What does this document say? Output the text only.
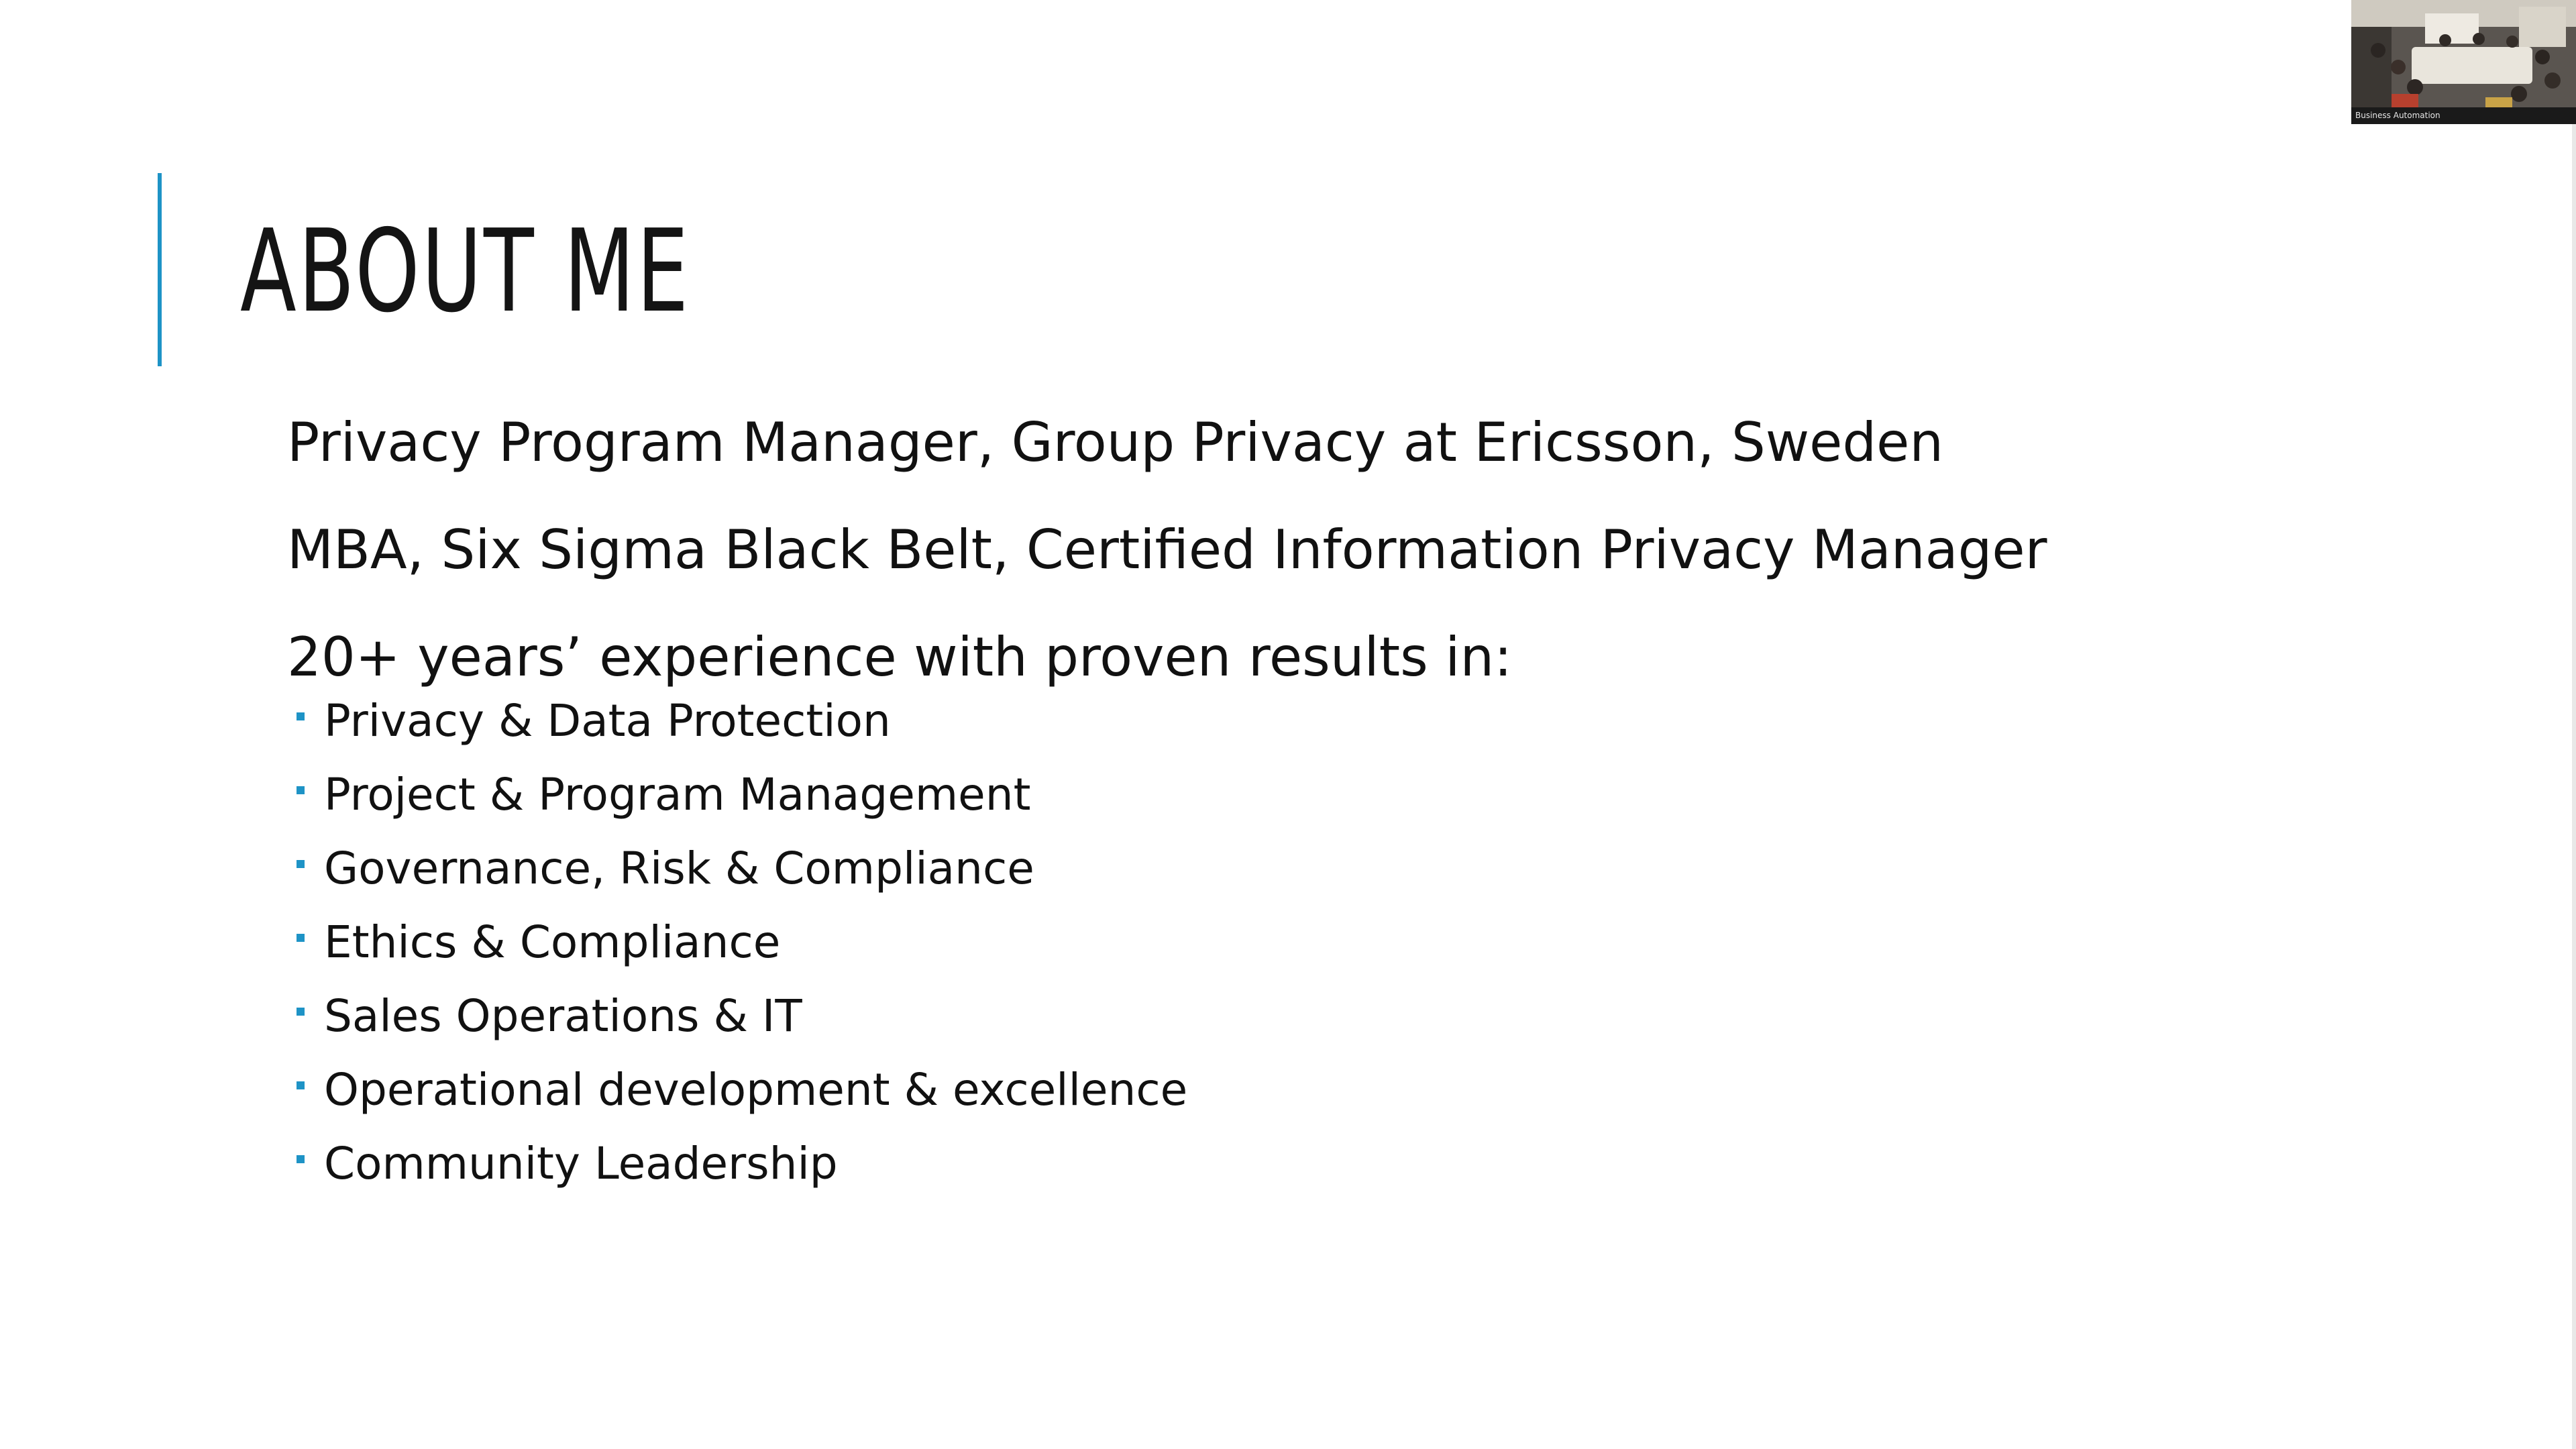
ABOUT ME

Privacy Program Manager, Group Privacy at Ericsson, Sweden

MBA, Six Sigma Black Belt, Certified Information Privacy Manager

20+ years’ experience with proven results in:

Privacy & Data Protection
Project & Program Management
Governance, Risk & Compliance
Ethics & Compliance
Sales Operations & IT
Operational development & excellence
Community Leadership
Business Automation
